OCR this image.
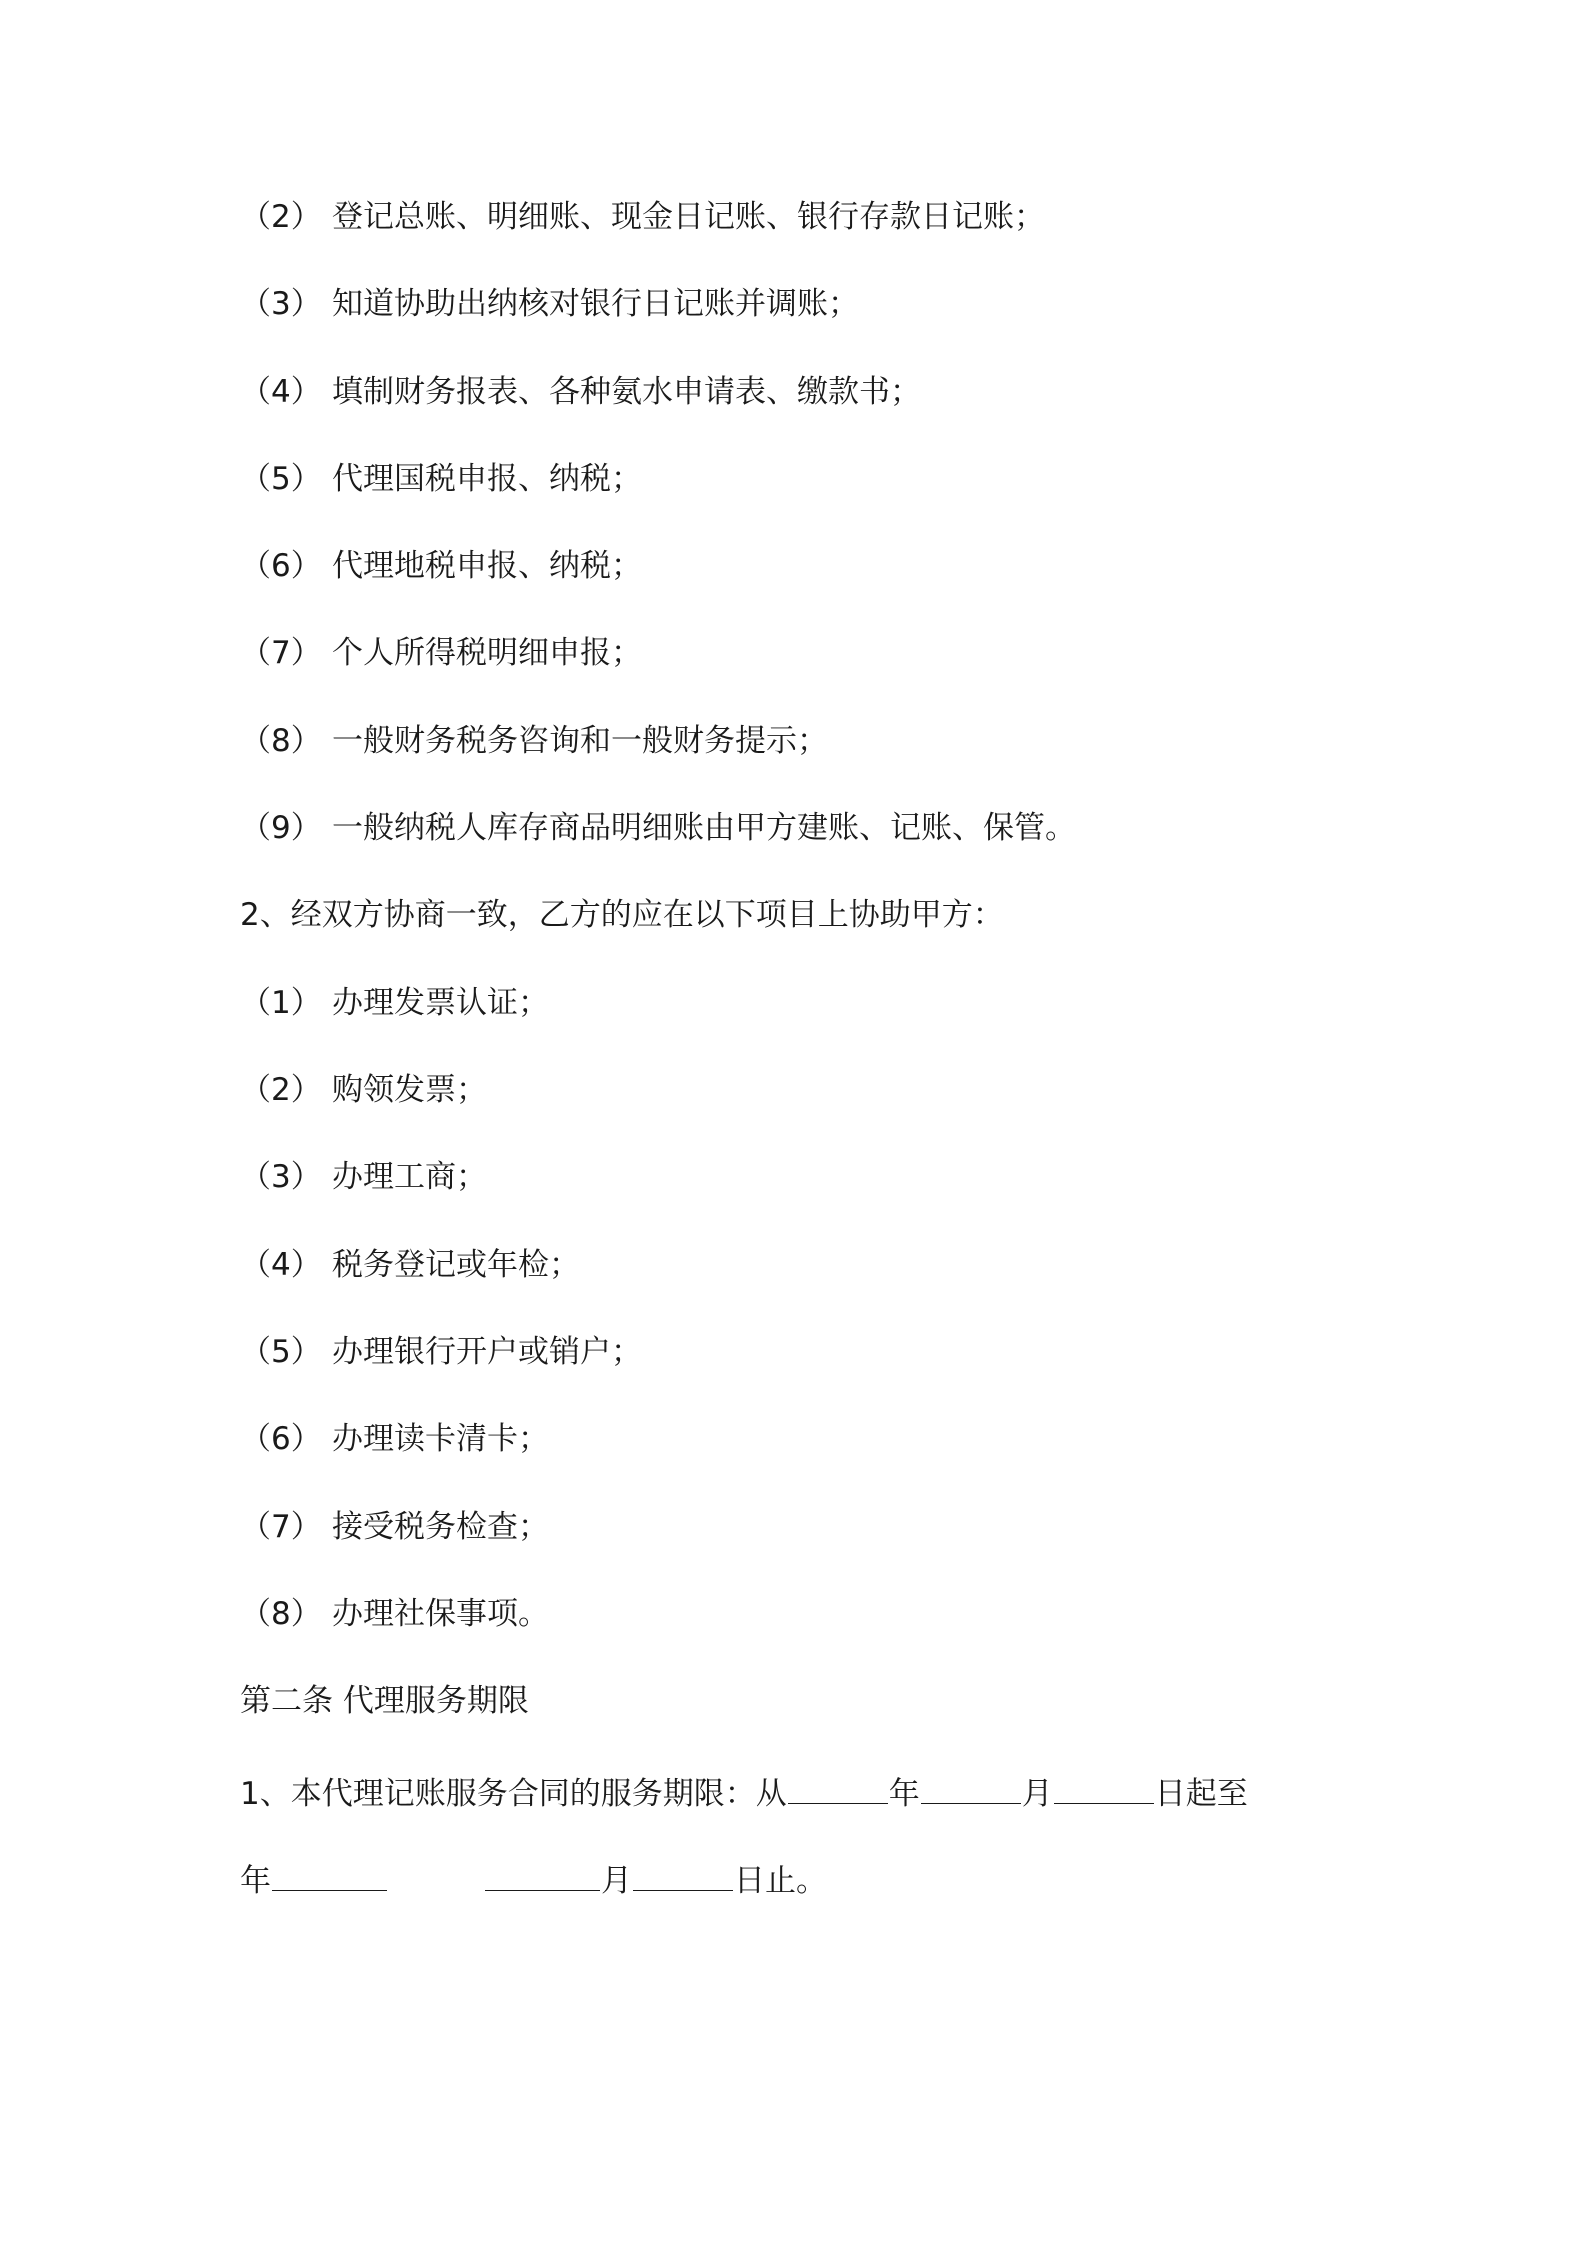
（2） 登记总账、明细账、现金日记账、银行存款日记账；
（3） 知道协助出纳核对银行日记账并调账；
（4） 填制财务报表、各种氨水申请表、缴款书；
（5） 代理国税申报、纳税；
（6） 代理地税申报、纳税；
（7） 个人所得税明细申报；
（8） 一般财务税务咨询和一般财务提示；
（9） 一般纳税人库存商品明细账由甲方建账、记账、保管。
2、经双方协商一致，乙方的应在以下项目上协助甲方：
（1） 办理发票认证；
（2） 购领发票；
（3） 办理工商；
（4） 税务登记或年检；
（5） 办理银行开户或销户；
（6） 办理读卡清卡；
（7） 接受税务检查；
（8） 办理社保事项。
第二条 代理服务期限
1、本代理记账服务合同的服务期限：从	年	月	日起至
年	月	日止。
